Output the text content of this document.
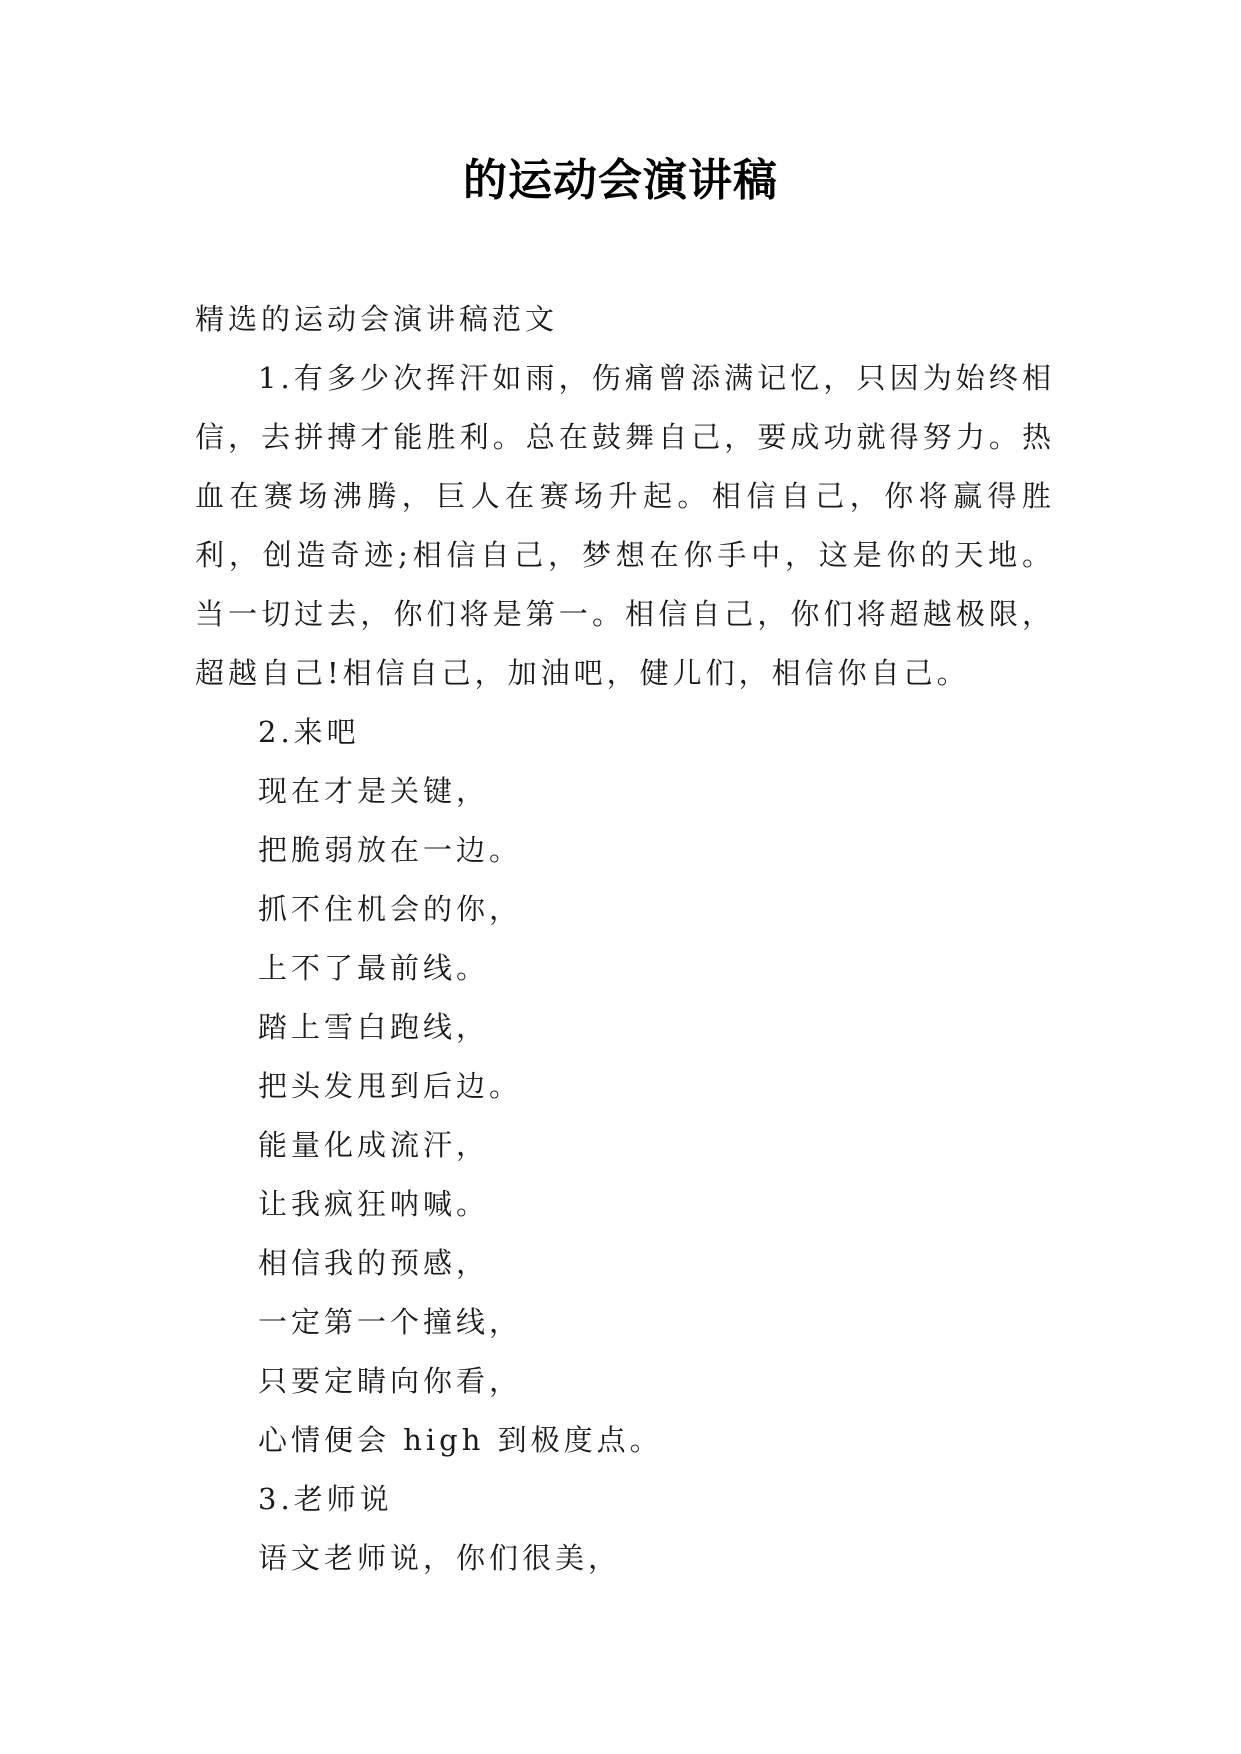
的运动会演讲稿

精选的运动会演讲稿范文

1.有多少次挥汗如雨，伤痛曾添满记忆，只因为始终相信，去拼搏才能胜利。总在鼓舞自己，要成功就得努力。热血在赛场沸腾，巨人在赛场升起。相信自己，你将赢得胜利，创造奇迹;相信自己，梦想在你手中，这是你的天地。当一切过去，你们将是第一。相信自己，你们将超越极限，超越自己!相信自己，加油吧，健儿们，相信你自己。

2.来吧

现在才是关键，
把脆弱放在一边。
抓不住机会的你，
上不了最前线。
踏上雪白跑线，
把头发甩到后边。
能量化成流汗，
让我疯狂呐喊。
相信我的预感，
一定第一个撞线，
只要定睛向你看，
心情便会 high 到极度点。

3.老师说

语文老师说，你们很美，
